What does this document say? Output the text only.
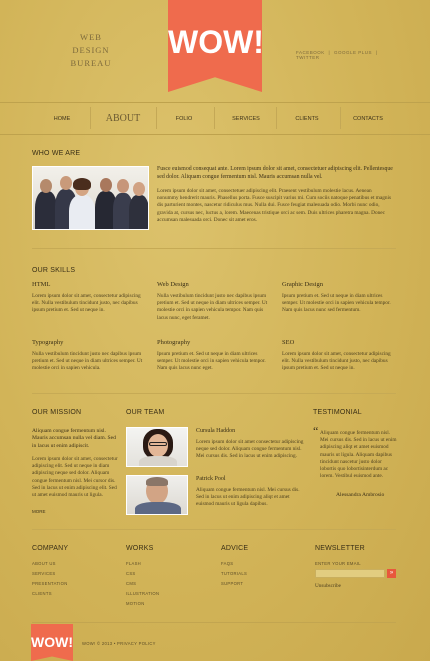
WEB
DESIGN
BUREAU
WOW!	FACEBOOK | GOOGLE PLUS | TWITTER
HOME	ABOUT	FOLIO	SERVICES	CLIENTS	CONTACTS
WHO WE ARE
Fusce euismod consequat ante. Lorem ipsum dolor sit amet, consectetuer adipiscing elit. Pellentesque sed dolor. Aliquam congue fermentum nisl. Mauris accumsan nulla vel.
Lorem ipsum dolor sit amet, consectetuer adipiscing elit. Praesent vestibulum molestie lacus. Aenean nonummy hendrerit mauris. Phasellus porta. Fusce suscipit varius mi. Cum sociis natoque penatibus et magnis dis parturient montes, nascetur ridiculus mus. Nulla dui. Fusce feugiat malesuada odio. Morbi nunc odio, gravida at, cursus nec, luctus a, lorem. Maecenas tristique orci ac sem. Duis ultrices pharetra magna. Donec accumsan malesuada orci. Donec sit amet eros.
OUR SKILLS
HTML
Lorem ipsum dolor sit amet, consectetur adipiscing elit. Nulla vestibulum tincidunt justo, nec dapibus ipsum pretium et. Sed ut neque in.
Web Design
Nulla vestibulum tincidunt justo nec dapibus ipsum pretium et. Sed ut neque in diam ultrices semper. Ut molestie orci in sapien vehicula tempor. Nam quis lacus nunc, eget feramet.
Graphic Design
Ipsum pretium et. Sed ut neque in diam ultrices semper. Ut molestie orci in sapien vehicula tempor. Nam quis lacus nunc sed fermentum.
Typography
Nulla vestibulum tincidunt justo nec dapibus ipsum pretium et. Sed ut neque in diam ultrices semper. Ut molestie orci in sapien vehicula.
Photography
Ipsum pretium et. Sed ut neque in diam ultrices semper. Ut molestie orci in sapien vehicula tempor. Nam quis lacus nunc eget.
SEO
Lorem ipsum dolor sit amet, consectetur adipiscing elit. Nulla vestibulum tincidunt justo, nec dapibus ipsum pretium et. Sed ut neque in.
OUR MISSION
Aliquam congue fermentum nisl. Mauris accumsan nulla vel diam. Sed in lacus ut enim adipiscit.
Lorem ipsum dolor sit amet, consectetur adipiscing elit. Sed ut neque in diam adipiscing neque sed dolor. Aliquam congue fermentum nisl. Mei cursor dis. Sed in lacus ut enim adipiscing elit. Sed ut amet euismod mauris ut ligula.
MORE
OUR TEAM
Cursula Haddon
Lorem ipsum dolor sit amet consectetur adipiscing neque sed dolor. Aliquam congue fermentum nisl. Mei cursus dis. Sed in lacus ut enim adipiscing.
Patrick Pool
Aliquam congue fermentum nisl. Mei cursus dis. Sed in lacus ut enim adipiscing aliqt et amet euismod mauris ut ligula dapibus.
TESTIMONIAL
“ Aliquam congue fermentum nisl. Mei cursus dis. Sed in lacus ut enim adipiscing aliqt et amet euismod mauris ut ligula. Aliquam dapibus tincidunt nascetur justo dolor lobortis quo lobortisinterdum ac lorem. Vestibul euismod ante.
Alessandra Ambrosio
COMPANY
ABOUT US
SERVICES
PRESENTATION
CLIENTS
WORKS
FLASH
CSS
CMS
ILLUSTRATION
MOTION
ADVICE
FAQS
TUTORIALS
SUPPORT
NEWSLETTER
ENTER YOUR EMAIL
»
Unsubscribe
WOW! WOW! © 2013 • PRIVACY POLICY
